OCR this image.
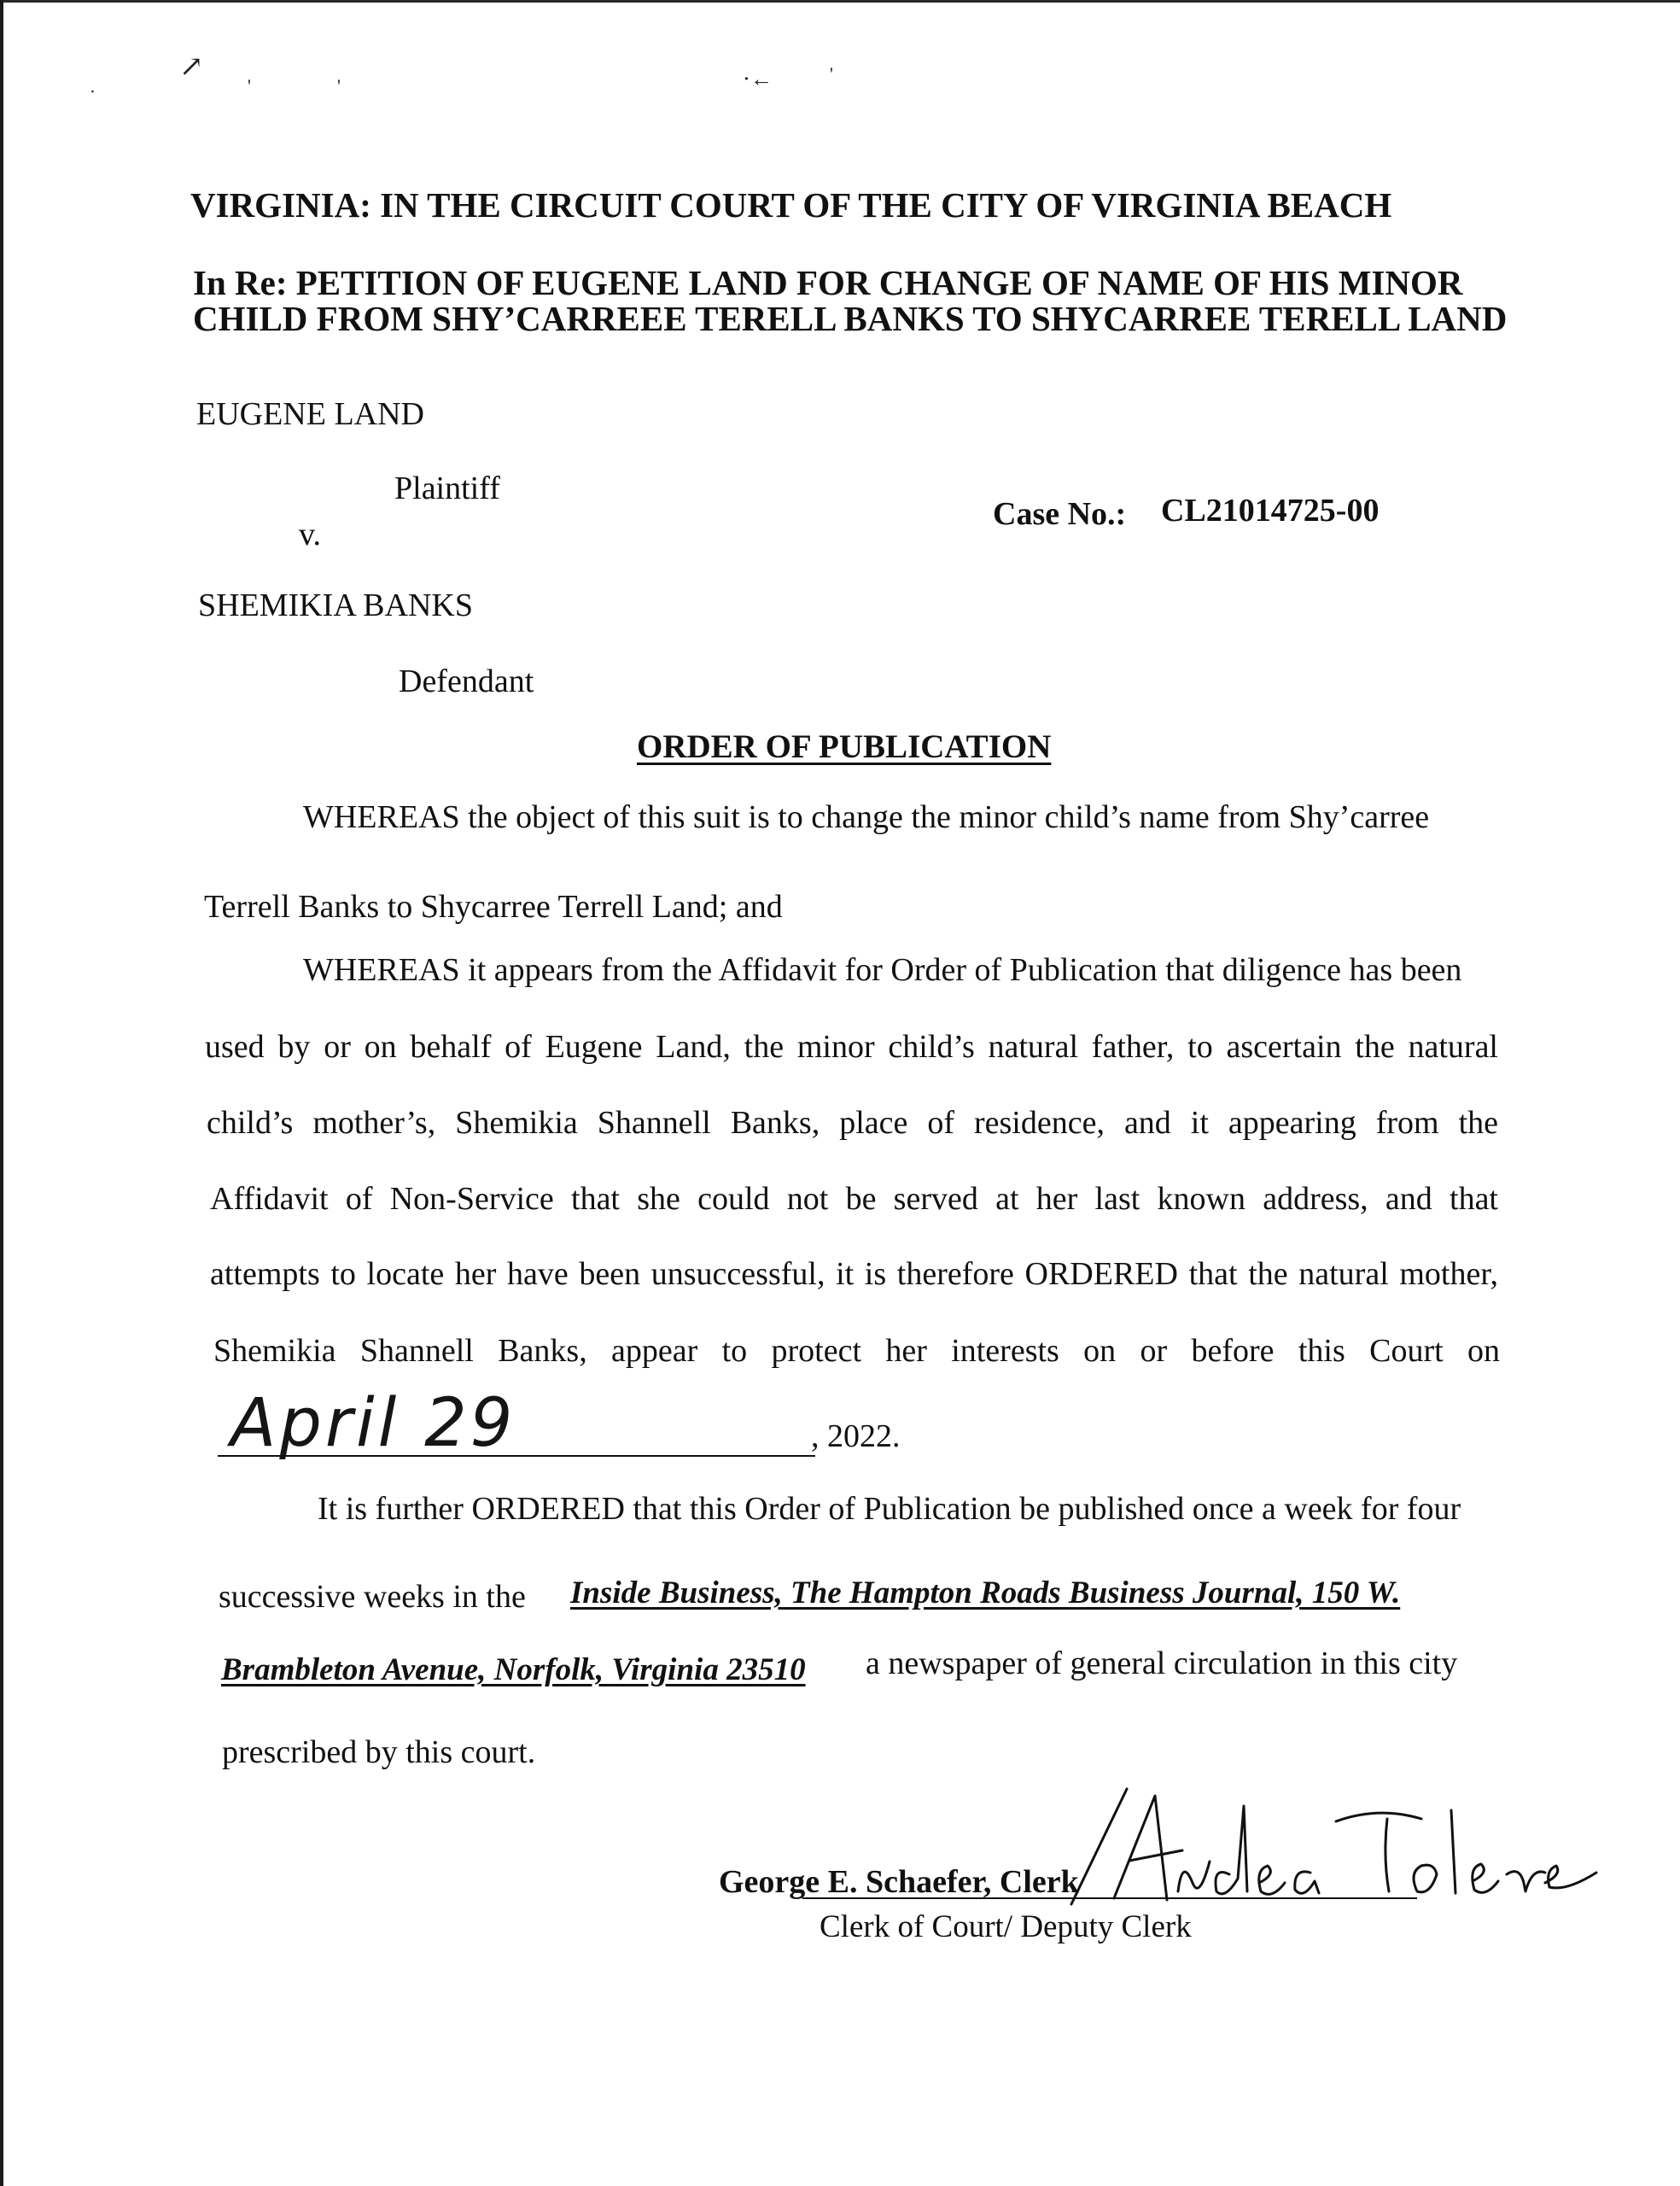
↗
⋅	'	'	⋅←	'
VIRGINIA: IN THE CIRCUIT COURT OF THE CITY OF VIRGINIA BEACH
In Re: PETITION OF EUGENE LAND FOR CHANGE OF NAME OF HIS MINOR
CHILD FROM SHY’CARREEE TERELL BANKS TO SHYCARREE TERELL LAND
EUGENE LAND
Plaintiff
v.
Case No.: CL21014725-00
SHEMIKIA BANKS
Defendant
ORDER OF PUBLICATION
WHEREAS the object of this suit is to change the minor child’s name from Shy’carree
Terrell Banks to Shycarree Terrell Land; and
WHEREAS it appears from the Affidavit for Order of Publication that diligence has been
used by or on behalf of Eugene Land, the minor child’s natural father, to ascertain the natural
child’s mother’s, Shemikia Shannell Banks, place of residence, and it appearing from the
Affidavit of Non-Service that she could not be served at her last known address, and that
attempts to locate her have been unsuccessful, it is therefore ORDERED that the natural mother,
Shemikia Shannell Banks, appear to protect her interests on or before this Court on
April 29	, 2022.
It is further ORDERED that this Order of Publication be published once a week for four
successive weeks in the Inside Business, The Hampton Roads Business Journal, 150 W.
Brambleton Avenue, Norfolk, Virginia 23510 a newspaper of general circulation in this city
prescribed by this court.
George E. Schaefer, Clerk
Clerk of Court/ Deputy Clerk
